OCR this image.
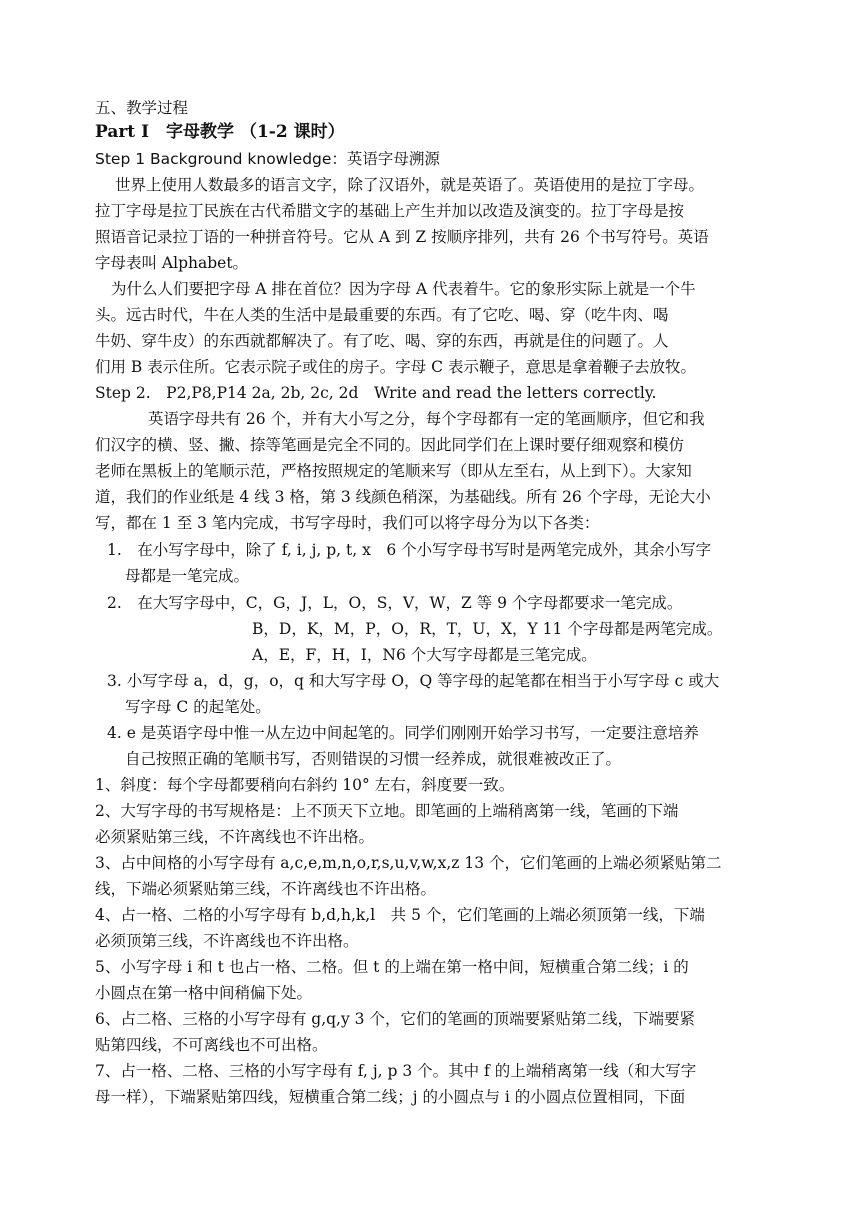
五、教学过程

Part I　字母教学 （1-2 课时）

Step 1 Background knowledge：英语字母溯源

世界上使用人数最多的语言文字，除了汉语外，就是英语了。英语使用的是拉丁字母。

拉丁字母是拉丁民族在古代希腊文字的基础上产生并加以改造及演变的。拉丁字母是按

照语音记录拉丁语的一种拼音符号。它从 A 到 Z 按顺序排列，共有 26 个书写符号。英语

字母表叫 Alphabet。

为什么人们要把字母 A 排在首位？因为字母 A 代表着牛。它的象形实际上就是一个牛

头。远古时代，牛在人类的生活中是最重要的东西。有了它吃、喝、穿（吃牛肉、喝

牛奶、穿牛皮）的东西就都解决了。有了吃、喝、穿的东西，再就是住的问题了。人

们用 B 表示住所。它表示院子或住的房子。字母 C 表示鞭子，意思是拿着鞭子去放牧。

Step 2.　P2,P8,P14 2a, 2b, 2c, 2d　Write and read the letters correctly.

英语字母共有 26 个，并有大小写之分，每个字母都有一定的笔画顺序，但它和我

们汉字的横、竖、撇、捺等笔画是完全不同的。因此同学们在上课时要仔细观察和模仿

老师在黑板上的笔顺示范，严格按照规定的笔顺来写（即从左至右，从上到下）。大家知

道，我们的作业纸是 4 线 3 格，第 3 线颜色稍深，为基础线。所有 26 个字母，无论大小

写，都在 1 至 3 笔内完成，书写字母时，我们可以将字母分为以下各类：

1.　在小写字母中，除了 f, i, j, p, t, x　6 个小写字母书写时是两笔完成外，其余小写字

母都是一笔完成。

2.　在大写字母中，C，G，J，L，O，S，V，W，Z 等 9 个字母都要求一笔完成。

B，D，K，M，P，O，R，T，U，X，Y 11 个字母都是两笔完成。

A，E，F，H，I，N6 个大写字母都是三笔完成。

3. 小写字母 a，d，g，o，q 和大写字母 O，Q 等字母的起笔都在相当于小写字母 c 或大

写字母 C 的起笔处。

4. e 是英语字母中惟一从左边中间起笔的。同学们刚刚开始学习书写，一定要注意培养

自己按照正确的笔顺书写，否则错误的习惯一经养成，就很难被改正了。

1、斜度：每个字母都要稍向右斜约 10° 左右，斜度要一致。

2、大写字母的书写规格是：上不顶天下立地。即笔画的上端稍离第一线，笔画的下端

必须紧贴第三线，不许离线也不许出格。

3、占中间格的小写字母有 a,c,e,m,n,o,r,s,u,v,w,x,z 13 个，它们笔画的上端必须紧贴第二

线，下端必须紧贴第三线，不许离线也不许出格。

4、占一格、二格的小写字母有 b,d,h,k,l　共 5 个，它们笔画的上端必须顶第一线，下端

必须顶第三线，不许离线也不许出格。

5、小写字母 i 和 t 也占一格、二格。但 t 的上端在第一格中间，短横重合第二线；i 的

小圆点在第一格中间稍偏下处。

6、占二格、三格的小写字母有 g,q,y 3 个，它们的笔画的顶端要紧贴第二线，下端要紧

贴第四线，不可离线也不可出格。

7、占一格、二格、三格的小写字母有 f, j, p 3 个。其中 f 的上端稍离第一线（和大写字

母一样），下端紧贴第四线，短横重合第二线；j 的小圆点与 i 的小圆点位置相同，下面
